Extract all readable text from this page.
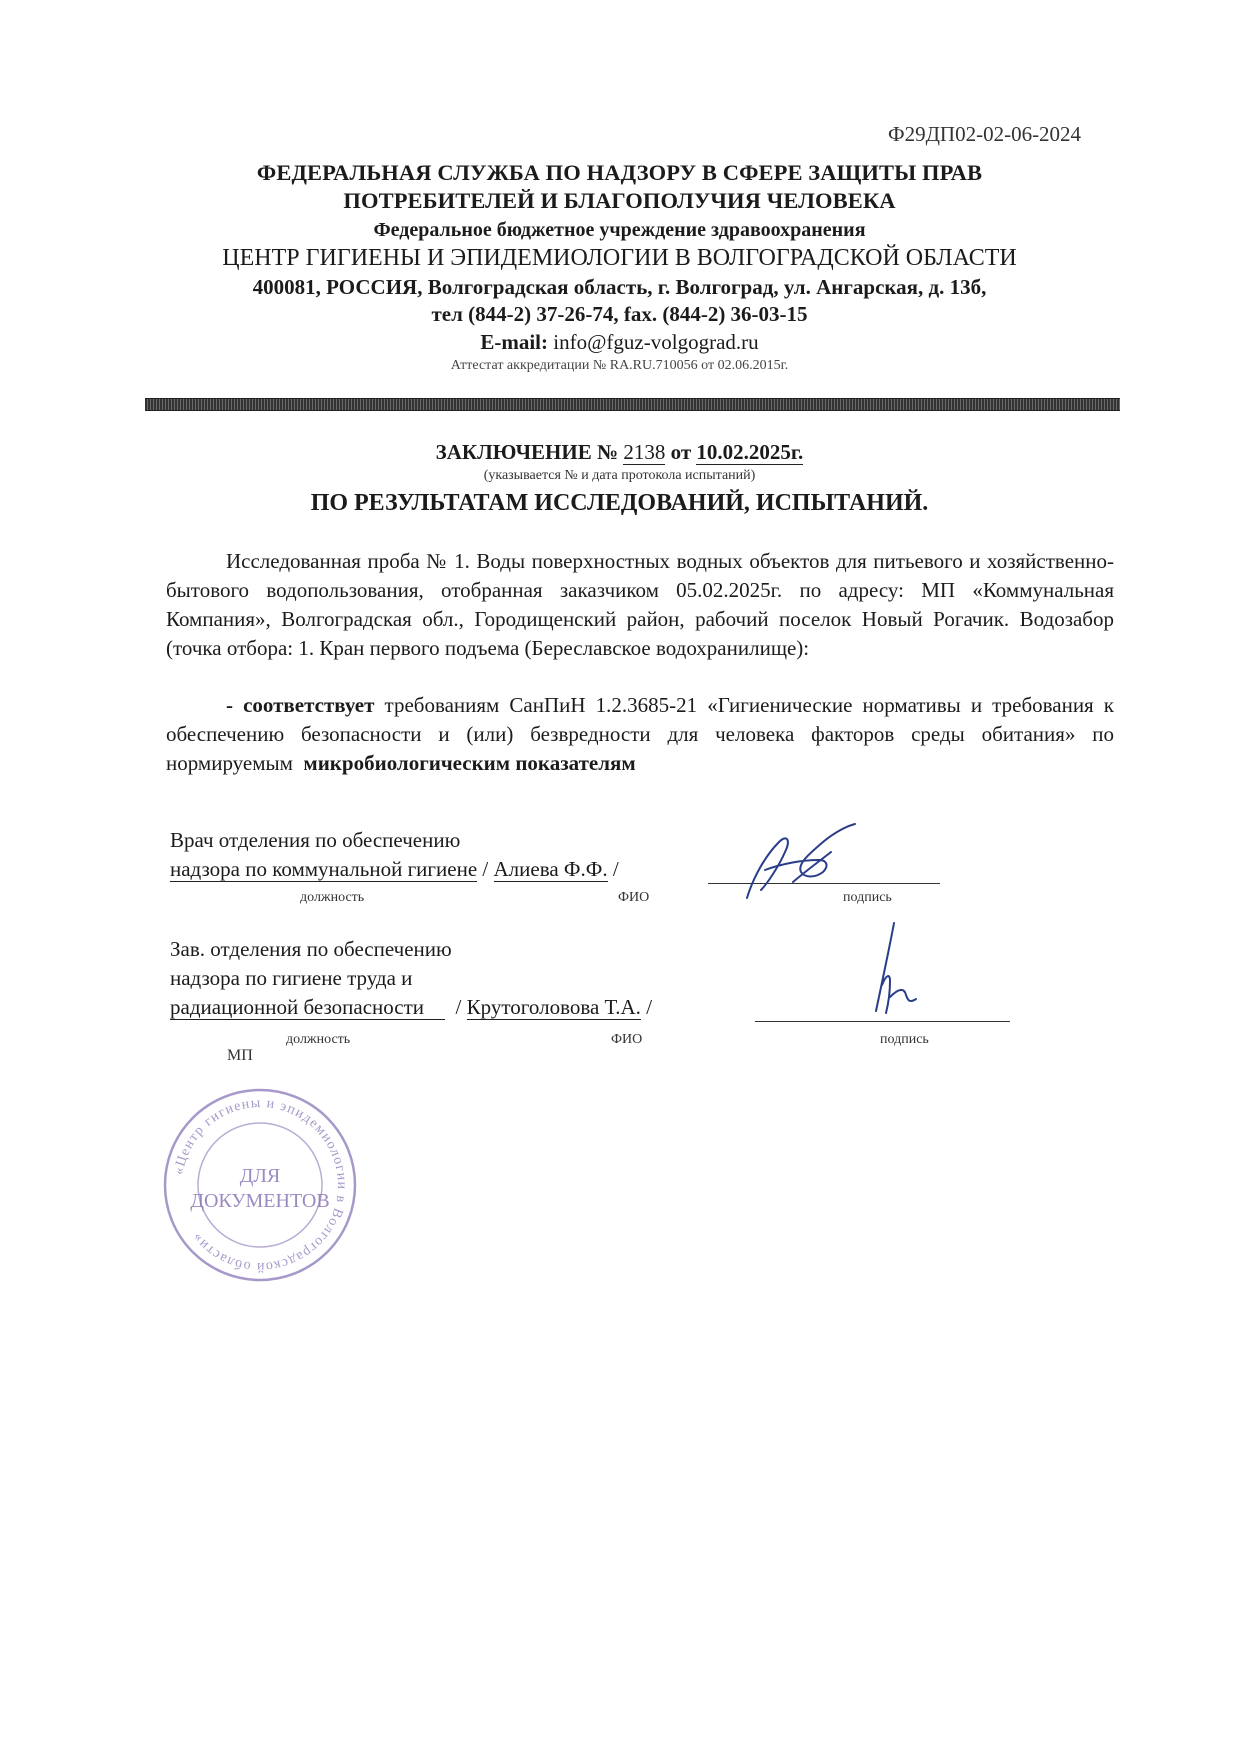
Ф29ДП02-02-06-2024
ФЕДЕРАЛЬНАЯ СЛУЖБА ПО НАДЗОРУ В СФЕРЕ ЗАЩИТЫ ПРАВ
ПОТРЕБИТЕЛЕЙ И БЛАГОПОЛУЧИЯ ЧЕЛОВЕКА
Федеральное бюджетное учреждение здравоохранения
ЦЕНТР ГИГИЕНЫ И ЭПИДЕМИОЛОГИИ В ВОЛГОГРАДСКОЙ ОБЛАСТИ
400081, РОССИЯ, Волгоградская область, г. Волгоград, ул. Ангарская, д. 13б,
тел (844-2) 37-26-74, fax. (844-2) 36-03-15
E-mail: info@fguz-volgograd.ru
Аттестат аккредитации № RA.RU.710056 от 02.06.2015г.
ЗАКЛЮЧЕНИЕ № 2138 от 10.02.2025г.
(указывается № и дата протокола испытаний)
ПО РЕЗУЛЬТАТАМ ИССЛЕДОВАНИЙ, ИСПЫТАНИЙ.
Исследованная проба № 1. Воды поверхностных водных объектов для питьевого и хозяйственно-бытового водопользования, отобранная заказчиком 05.02.2025г. по адресу: МП «Коммунальная Компания», Волгоградская обл., Городищенский район, рабочий поселок Новый Рогачик. Водозабор (точка отбора: 1. Кран первого подъема (Береславское водохранилище):
- соответствует требованиям СанПиН 1.2.3685-21 «Гигиенические нормативы и требования к обеспечению безопасности и (или) безвредности для человека факторов среды обитания» по нормируемым микробиологическим показателям
Врач отделения по обеспечению
надзора по коммунальной гигиене / Алиева Ф.Ф. /
должность	ФИО	подпись
Зав. отделения по обеспечению
надзора по гигиене труда и
радиационной безопасности      / Крутоголовова Т.А. /
должность	ФИО	подпись
МП
«Центр гигиены и эпидемиологии в Волгоградской области»
ДЛЯ
ДОКУМЕНТОВ
